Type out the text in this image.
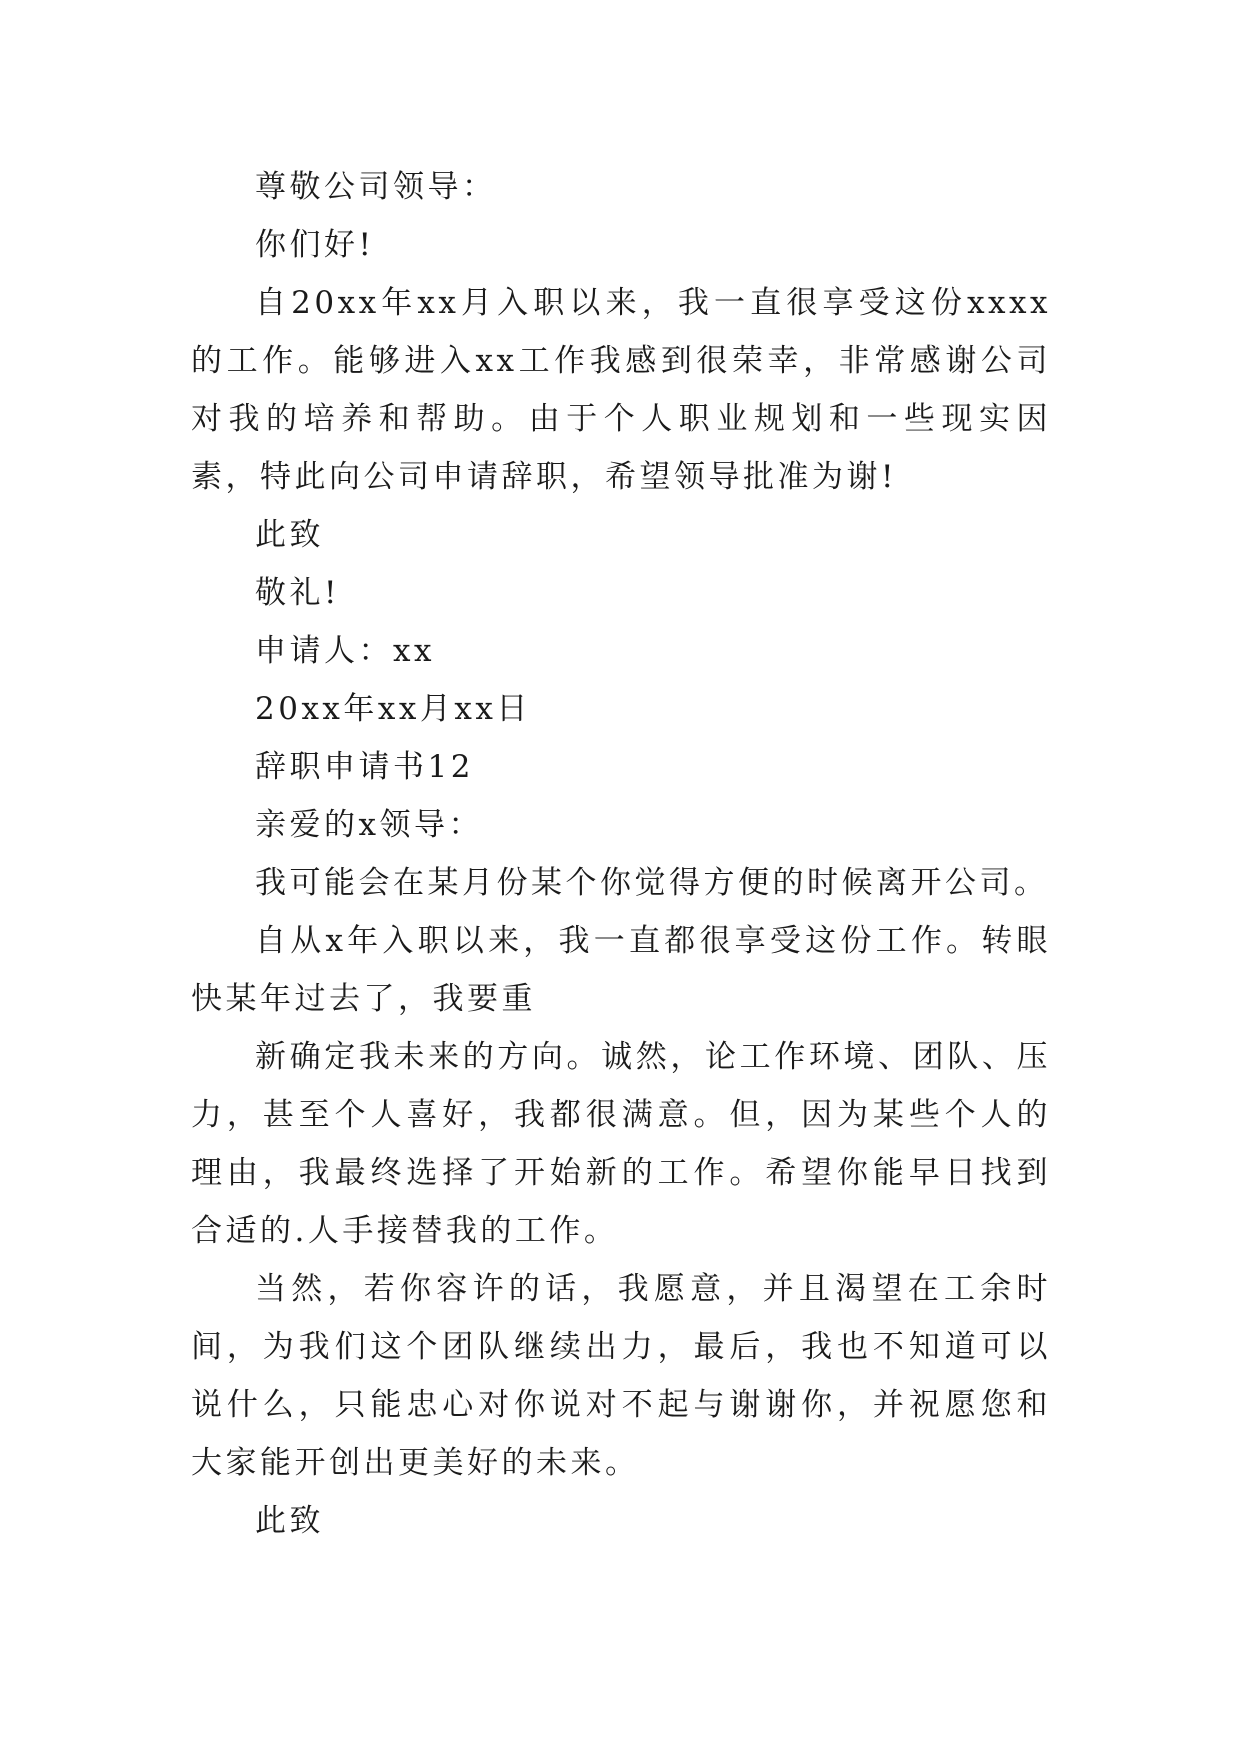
尊敬公司领导：

你们好!

自20xx年xx月入职以来，我一直很享受这份xxxx的工作。能够进入xx工作我感到很荣幸，非常感谢公司对我的培养和帮助。由于个人职业规划和一些现实因素，特此向公司申请辞职，希望领导批准为谢!

此致

敬礼!

申请人：xx

20xx年xx月xx日

辞职申请书12

亲爱的x领导：

我可能会在某月份某个你觉得方便的时候离开公司。

自从x年入职以来，我一直都很享受这份工作。转眼快某年过去了，我要重

新确定我未来的方向。诚然，论工作环境、团队、压力，甚至个人喜好，我都很满意。但，因为某些个人的理由，我最终选择了开始新的工作。希望你能早日找到合适的.人手接替我的工作。

当然，若你容许的话，我愿意，并且渴望在工余时间，为我们这个团队继续出力，最后，我也不知道可以说什么，只能忠心对你说对不起与谢谢你，并祝愿您和大家能开创出更美好的未来。

此致
